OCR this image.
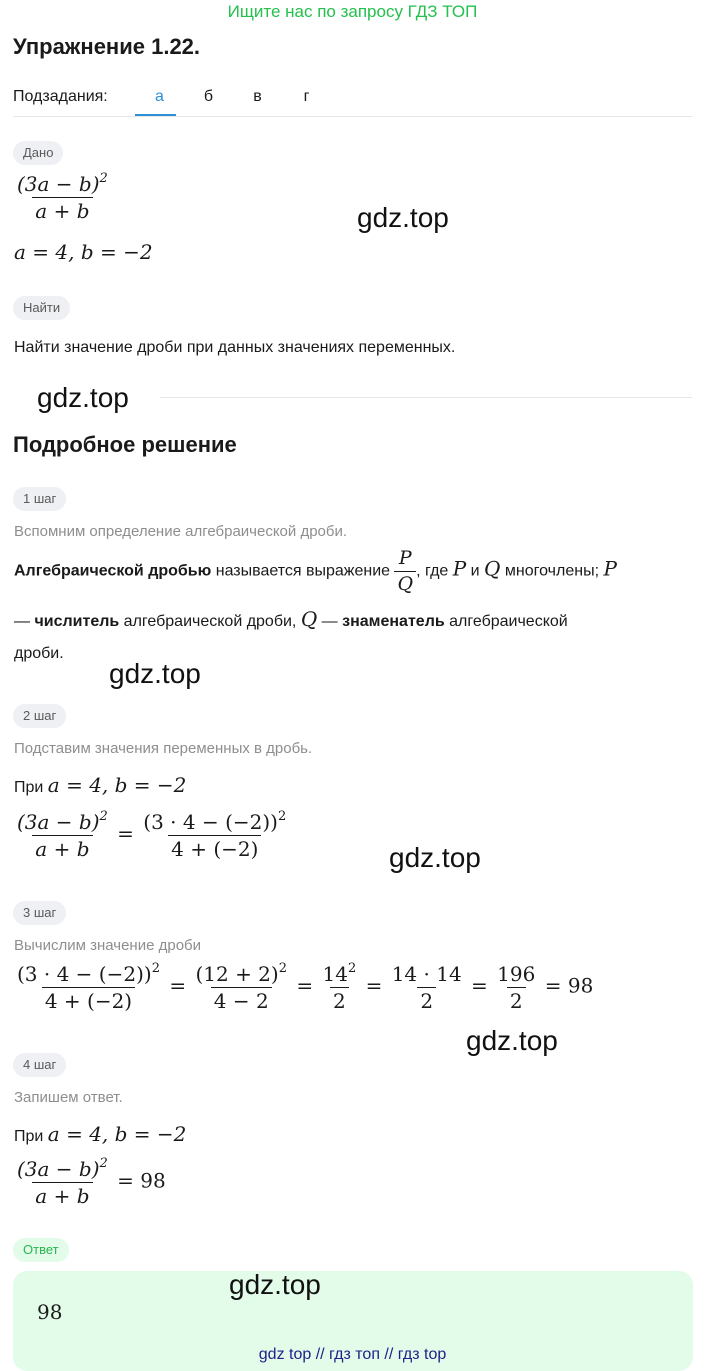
Ищите нас по запросу ГДЗ ТОП
Упражнение 1.22.
Подзадания:	а	б	в	г
Дано
$\frac{(3a - b)^2}{a + b}$
a = 4, b = −2
gdz.top
Найти
Найти значение дроби при данных значениях переменных.
gdz.top
Подробное решение
1 шаг
Вспомним определение алгебраической дроби.
Алгебраической дробью называется выражение $\frac{P}{Q}$ , где P и Q многочлены; P
— числитель алгебраической дроби, Q — знаменатель алгебраической
дроби.
gdz.top
2 шаг
Подставим значения переменных в дробь.
При a = 4, b = −2
$\frac{(3a - b)^2}{a + b} = \frac{(3 \cdot 4 - (-2))^2}{4 + (-2)}$	gdz.top
3 шаг
Вычислим значение дроби
$\frac{(3 \cdot 4 - (-2))^2}{4 + (-2)} = \frac{(12 + 2)^2}{4 - 2} = \frac{14^2}{2} = \frac{14 \cdot 14}{2} = \frac{196}{2} = 98$
gdz.top
4 шаг
Запишем ответ.
При a = 4, b = −2
$\frac{(3a - b)^2}{a + b} = 98$
Ответ
98
gdz.top
gdz top // гдз топ // гдз top
